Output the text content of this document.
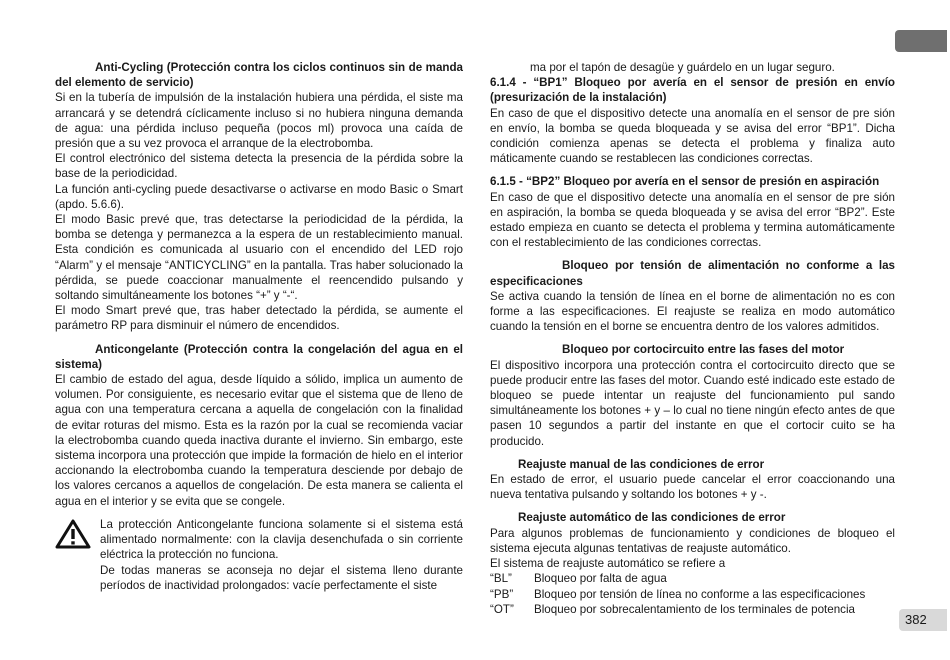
Anti-Cycling (Protección contra los ciclos continuos sin de manda del elemento de servicio)

Si en la tubería de impulsión de la instalación hubiera una pérdida, el siste ma arrancará y se detendrá cíclicamente incluso si no hubiera ninguna demanda de agua: una pérdida incluso pequeña (pocos ml) provoca una caída de presión que a su vez provoca el arranque de la electrobomba.

El control electrónico del sistema detecta la presencia de la pérdida sobre la base de la periodicidad.

La función anti-cycling puede desactivarse o activarse en modo Basic o Smart (apdo. 5.6.6).

El modo Basic prevé que, tras detectarse la periodicidad de la pérdida, la bomba se detenga y permanezca a la espera de un restablecimiento manual. Esta condición es comunicada al usuario con el encendido del LED rojo “Alarm” y el mensaje “ANTICYCLING” en la pantalla. Tras haber solucionado la pérdida, se puede coaccionar manualmente el reencendido pulsando y soltando simultáneamente los botones “+” y “-“.

El modo Smart prevé que, tras haber detectado la pérdida, se aumente el parámetro RP para disminuir el número de encendidos.

Anticongelante (Protección contra la congelación del agua en el sistema)

El cambio de estado del agua, desde líquido a sólido, implica un aumento de volumen. Por consiguiente, es necesario evitar que el sistema que de lleno de agua con una temperatura cercana a aquella de congelación con la finalidad de evitar roturas del mismo. Esta es la razón por la cual se recomienda vaciar la electrobomba cuando queda inactiva durante el invierno. Sin embargo, este sistema incorpora una protección que impide la formación de hielo en el interior accionando la electrobomba cuando la temperatura desciende por debajo de los valores cercanos a aquellos de congelación. De esta manera se calienta el agua en el interior y se evita que se congele.

La protección Anticongelante funciona solamente si el sistema está alimentado normalmente: con la clavija desenchufada o sin corriente eléctrica la protección no funciona.

De todas maneras se aconseja no dejar el sistema lleno durante períodos de inactividad prolongados: vacíe perfectamente el siste

ma por el tapón de desagüe y guárdelo en un lugar seguro.

6.1.4 - “BP1” Bloqueo por avería en el sensor de presión en envío (presurización de la instalación)

En caso de que el dispositivo detecte una anomalía en el sensor de pre sión en envío, la bomba se queda bloqueada y se avisa del error “BP1”. Dicha condición comienza apenas se detecta el problema y finaliza auto máticamente cuando se restablecen las condiciones correctas.

6.1.5 - “BP2” Bloqueo por avería en el sensor de presión en aspiración

En caso de que el dispositivo detecte una anomalía en el sensor de pre sión en aspiración, la bomba se queda bloqueada y se avisa del error “BP2”. Este estado empieza en cuanto se detecta el problema y termina automáticamente con el restablecimiento de las condiciones correctas.

Bloqueo por tensión de alimentación no conforme a las especificaciones

Se activa cuando la tensión de línea en el borne de alimentación no es con forme a las especificaciones. El reajuste se realiza en modo automático cuando la tensión en el borne se encuentra dentro de los valores admitidos.

Bloqueo por cortocircuito entre las fases del motor

El dispositivo incorpora una protección contra el cortocircuito directo que se puede producir entre las fases del motor. Cuando esté indicado este estado de bloqueo se puede intentar un reajuste del funcionamiento pul sando simultáneamente los botones + y – lo cual no tiene ningún efecto antes de que pasen 10 segundos a partir del instante en que el cortocir cuito se ha producido.

Reajuste manual de las condiciones de error

En estado de error, el usuario puede cancelar el error coaccionando una nueva tentativa pulsando y soltando los botones + y -.

Reajuste automático de las condiciones de error

Para algunos problemas de funcionamiento y condiciones de bloqueo el sistema ejecuta algunas tentativas de reajuste automático.

El sistema de reajuste automático se refiere a

“BL”	Bloqueo por falta de agua
“PB”	Bloqueo por tensión de línea no conforme a las especificaciones
“OT”	Bloqueo por sobrecalentamiento de los terminales de potencia
382
